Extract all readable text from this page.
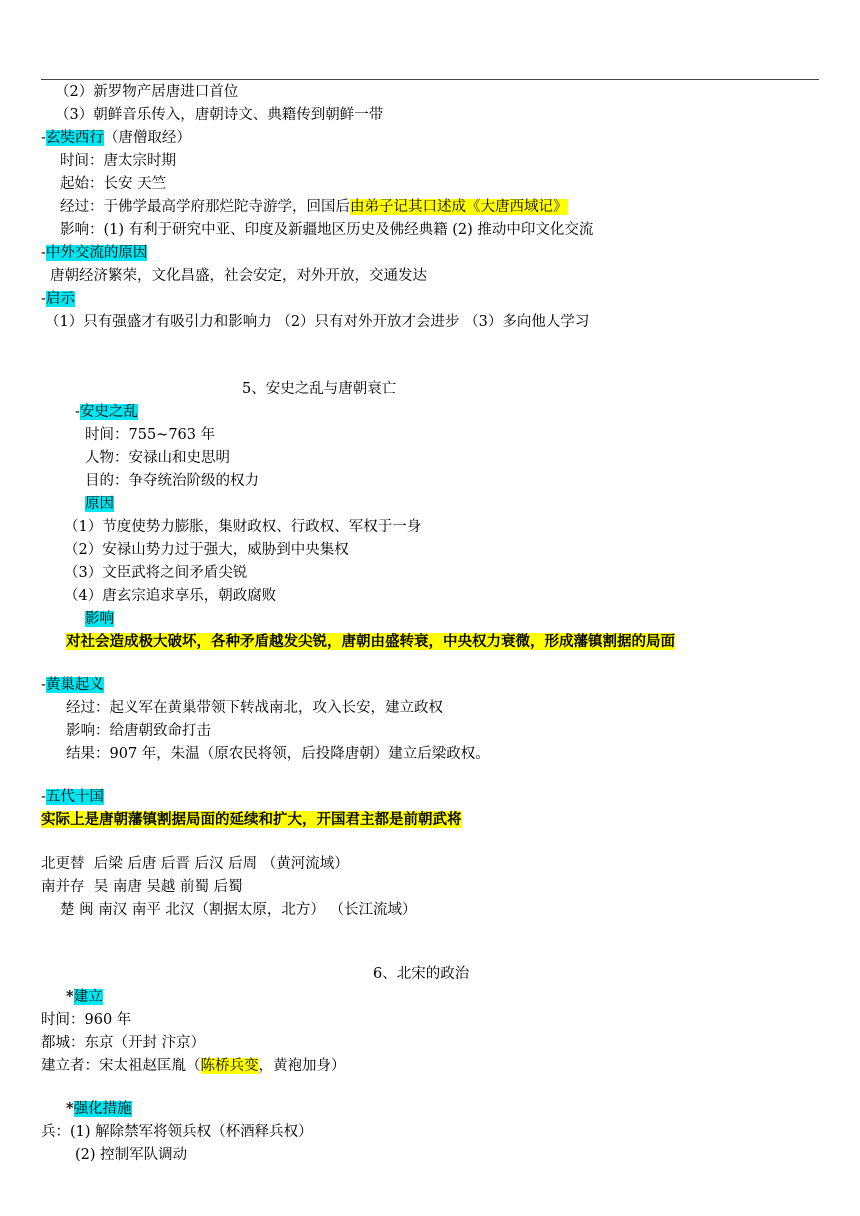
（2）新罗物产居唐进口首位
（3）朝鲜音乐传入，唐朝诗文、典籍传到朝鲜一带
-玄奘西行（唐僧取经）
时间：唐太宗时期
起始：长安 天竺
经过：于佛学最高学府那烂陀寺游学，回国后由弟子记其口述成《大唐西域记》
影响：(1) 有利于研究中亚、印度及新疆地区历史及佛经典籍 (2) 推动中印文化交流
-中外交流的原因
唐朝经济繁荣，文化昌盛，社会安定，对外开放，交通发达
-启示
（1）只有强盛才有吸引力和影响力 （2）只有对外开放才会进步 （3）多向他人学习
5、安史之乱与唐朝衰亡
-安史之乱
时间：755~763 年
人物：安禄山和史思明
目的：争夺统治阶级的权力
原因
（1）节度使势力膨胀，集财政权、行政权、军权于一身
（2）安禄山势力过于强大，威胁到中央集权
（3）文臣武将之间矛盾尖锐
（4）唐玄宗追求享乐，朝政腐败
影响
对社会造成极大破坏，各种矛盾越发尖锐，唐朝由盛转衰，中央权力衰微，形成藩镇割据的局面
-黄巢起义
经过：起义军在黄巢带领下转战南北，攻入长安，建立政权
影响：给唐朝致命打击
结果：907 年，朱温（原农民将领，后投降唐朝）建立后梁政权。
-五代十国
实际上是唐朝藩镇割据局面的延续和扩大，开国君主都是前朝武将
北更替  后梁 后唐 后晋 后汉 后周 （黄河流域）
南并存  吴 南唐 吴越 前蜀 后蜀
楚 闽 南汉 南平 北汉（割据太原，北方） （长江流域）
6、北宋的政治
*建立
时间：960 年
都城：东京（开封 汴京）
建立者：宋太祖赵匡胤（陈桥兵变，黄袍加身）
*强化措施
兵：(1) 解除禁军将领兵权（杯酒释兵权）
(2) 控制军队调动
